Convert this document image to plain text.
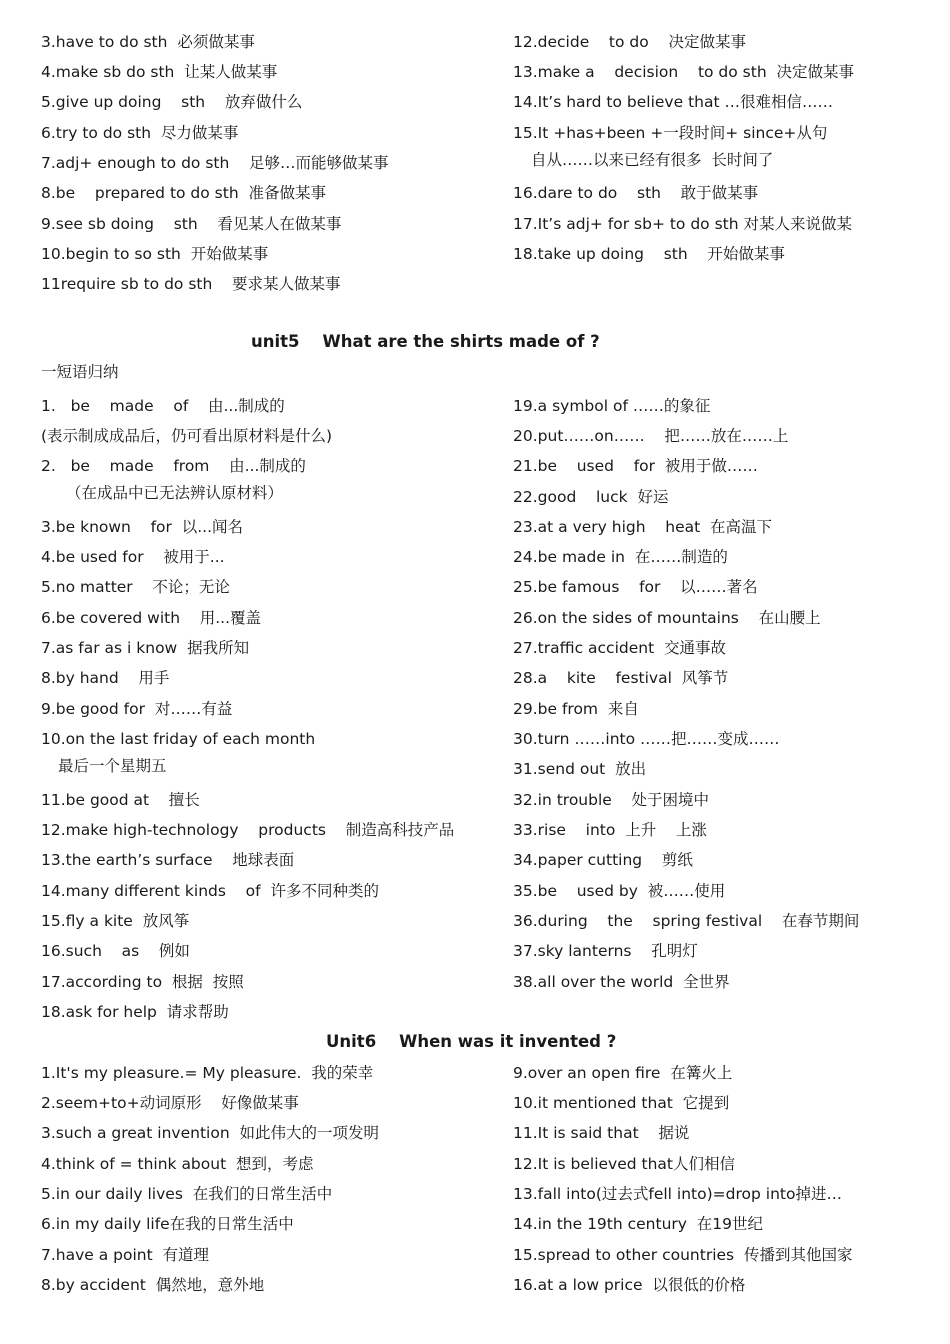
3.have to do sth  必须做某事
4.make sb do sth  让某人做某事
5.give up doing    sth    放弃做什么
6.try to do sth  尽力做某事
7.adj+ enough to do sth    足够…而能够做某事
8.be    prepared to do sth  准备做某事
9.see sb doing    sth    看见某人在做某事
10.begin to so sth  开始做某事
11require sb to do sth    要求某人做某事
12.decide    to do    决定做某事
13.make a    decision    to do sth  决定做某事
14.It’s hard to believe that …很难相信……
15.It +has+been +一段时间+ since+从句
自从……以来已经有很多  长时间了
16.dare to do    sth    敢于做某事
17.It’s adj+ for sb+ to do sth 对某人来说做某
18.take up doing    sth    开始做某事
unit5    What are the shirts made of ?
一短语归纳
1.   be    made    of    由...制成的
(表示制成成品后，仍可看出原材料是什么)
2.   be    made    from    由...制成的
（在成品中已无法辨认原材料）
3.be known    for  以...闻名
4.be used for    被用于...
5.no matter    不论；无论
6.be covered with    用...覆盖
7.as far as i know  据我所知
8.by hand    用手
9.be good for  对……有益
10.on the last friday of each month
最后一个星期五
11.be good at    擅长
12.make high-technology    products    制造高科技产品
13.the earth’s surface    地球表面
14.many different kinds    of  许多不同种类的
15.fly a kite  放风筝
16.such    as    例如
17.according to  根据  按照
18.ask for help  请求帮助
19.a symbol of ……的象征
20.put……on……    把……放在……上
21.be    used    for  被用于做……
22.good    luck  好运
23.at a very high    heat  在高温下
24.be made in  在……制造的
25.be famous    for    以……著名
26.on the sides of mountains    在山腰上
27.traffic accident  交通事故
28.a    kite    festival  风筝节
29.be from  来自
30.turn ……into ……把……变成……
31.send out  放出
32.in trouble    处于困境中
33.rise    into  上升    上涨
34.paper cutting    剪纸
35.be    used by  被……使用
36.during    the    spring festival    在春节期间
37.sky lanterns    孔明灯
38.all over the world  全世界
Unit6    When was it invented ?
1.It's my pleasure.= My pleasure.  我的荣幸
2.seem+to+动词原形    好像做某事
3.such a great invention  如此伟大的一项发明
4.think of = think about  想到，考虑
5.in our daily lives  在我们的日常生活中
6.in my daily life在我的日常生活中
7.have a point  有道理
8.by accident  偶然地，意外地
9.over an open fire  在篝火上
10.it mentioned that  它提到
11.It is said that    据说
12.It is believed that人们相信
13.fall into(过去式fell into)=drop into掉进…
14.in the 19th century  在19世纪
15.spread to other countries  传播到其他国家
16.at a low price  以很低的价格
